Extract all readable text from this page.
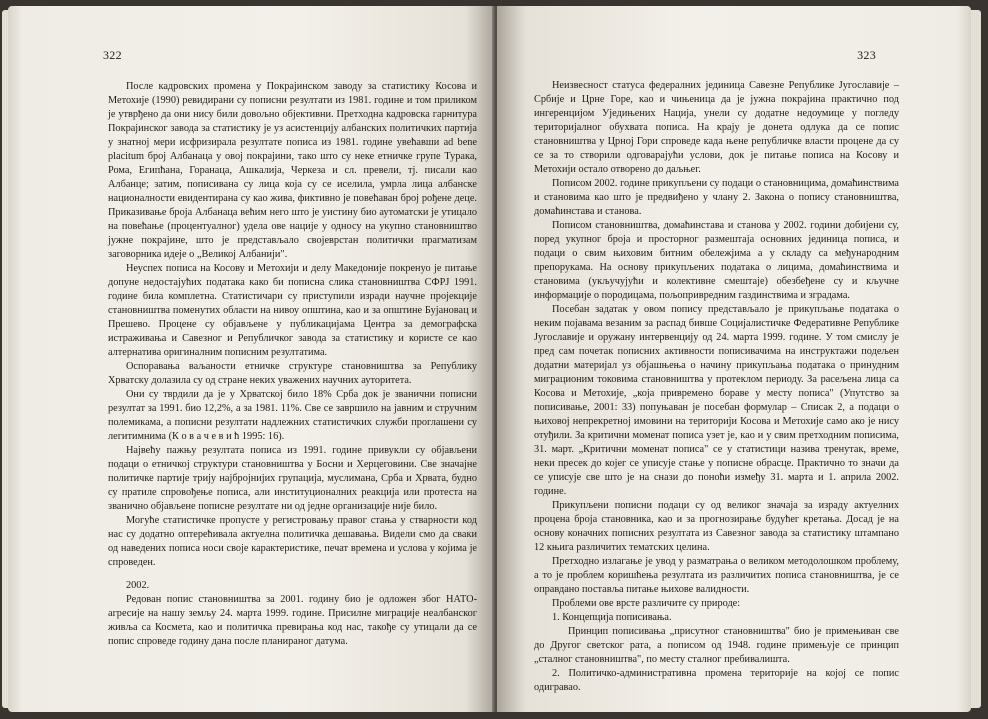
322

После кадровских промена у Покрајинском заводу за статистику Косова и Метохије (1990) ревидирани су пописни резултати из 1981. године и том приликом је утврђено да они нису били довољно објективни. Претходна кадровска гарнитура Покрајинског завода за статистику је уз асистенцију албанских политичких партија у знатној мери исфризирала резултате пописа из 1981. године увећавши ad bene placitum број Албанаца у овој покрајини, тако што су неке етничке групе Турака, Рома, Египћана, Горанаца, Ашкалија, Черкеза и сл. превели, тј. писали као Албанце; затим, пописивана су лица која су се иселила, умрла лица албанске националности евидентирана су као жива, фиктивно је повећаван број рођене деце. Приказивање броја Албанаца већим него што је уистину био аутоматски је утицало на повећање (процентуалног) удела ове нације у односу на укупно становништво јужне покрајине, што је представљало својеврстан политички прагматизам заговорника идеје о „Великој Албанији".

Неуспех пописа на Косову и Метохији и делу Македоније покренуо је питање допуне недостајућих података како би пописна слика становништва СФРЈ 1991. године била комплетна. Статистичари су приступили изради научне пројекције становништва поменутих области на нивоу општина, као и за општине Бујановац и Прешево. Процене су објављене у публикацијама Центра за демографска истраживања и Савезног и Републичког завода за статистику и користе се као алтернатива оригиналним пописним резултатима.

Оспоравања ваљаности етничке структуре становништва за Републику Хрватску долазила су од стране неких уважених научних ауторитета.

Они су тврдили да је у Хрватској било 18% Срба док је званични пописни резултат за 1991. био 12,2%, а за 1981. 11%. Све се завршило на јавним и стручним полемикама, а пописни резултати надлежних статистичких служби проглашени су легитимнима (К о в а ч е в и ћ 1995: 16).

Највећу пажњу резултата пописа из 1991. године привукли су објављени подаци о етничкој структури становништва у Босни и Херцеговини. Све значајне политичке партије трију најбројнијих групација, муслимана, Срба и Хрвата, будно су пратиле спровођење пописа, али институционалних реакција или протеста на званично објављене пописне резултате ни од једне организације није било.

Могуће статистичке пропусте у регистровању правог стања у стварности код нас су додатно оптерећивала актуелна политичка дешавања. Видели смо да сваки од наведених пописа носи своје карактеристике, печат времена и услова у којима је спроведен.

2002.

Редован попис становништва за 2001. годину био је одложен због НАТО-агресије на нашу земљу 24. марта 1999. године. Присилне миграције неалбанског живља са Космета, као и политичка превирања код нас, такође су утицали да се попис спроведе годину дана после планираног датума.

323

Неизвесност статуса федералних јединица Савезне Републике Југославије – Србије и Црне Горе, као и чињеница да је јужна покрајина практично под ингеренцијом Уједињених Нација, унели су додатне недоумице у погледу територијалног обухвата пописа. На крају је донета одлука да се попис становништва у Црној Гори спроведе када њене републичке власти процене да су се за то створили одговарајући услови, док је питање пописа на Косову и Метохији остало отворено до даљњег.

Пописом 2002. године прикупљени су подаци о становницима, домаћинствима и становима као што је предвиђено у члану 2. Закона о попису становништва, домаћинстава и станова.

Пописом становништва, домаћинстава и станова у 2002. години добијени су, поред укупног броја и просторног размештаја основних јединица пописа, и подаци о свим њиховим битним обележјима а у складу са међународним препорукама. На основу прикупљених података о лицима, домаћинствима и становима (укључујући и колективне смештаје) обезбеђене су и кључне информације о породицама, пољопривредним газдинствима и зградама.

Посебан задатак у овом попису представљало је прикупљање података о неким појавама везаним за распад бивше Социјалистичке Федеративне Републике Југославије и оружану интервенцију од 24. марта 1999. године. У том смислу је пред сам почетак пописних активности пописивачима на инструктажи подељен додатни материјал уз објашњења о начину прикупљања података о принудним миграционим токовима становништва у протеклом периоду. За расељена лица са Косова и Метохије, „која привремено бораве у месту пописа" (Упутство за пописивање, 2001: 33) попуњаван је посебан формулар – Списак 2, а подаци о њиховој непрекретној имовини на територији Косова и Метохије само ако је нису отуђили. За критични моменат пописа узет је, као и у свим претходним пописима, 31. март. „Критични моменат пописа" се у статистици назива тренутак, време, неки пресек до којег се уписује стање у пописне обрасце. Практично то значи да се уписује све што је на снази до поноћи између 31. марта и 1. априла 2002. године.

Прикупљени пописни подаци су од великог значаја за израду актуелних процена броја становника, као и за прогнозирање будућег кретања. Досад је на основу коначних пописних резултата из Савезног завода за статистику штампано 12 књига различитих тематских целина.

Претходно излагање је увод у разматрања о великом методолошком проблему, а то је проблем коришћења резултата из различитих пописа становништва, је се оправдано поставља питање њихове валидности.

Проблеми ове врсте различите су природе:

1. Концепција пописивања.

Принцип пописивања „присутног становништва" био је примењиван све до Другог светског рата, а пописом од 1948. године примењује се принцип „сталног становништва", по месту сталног пребивалишта.

2. Политичко-административна промена територије на којој се попис одигравао.
